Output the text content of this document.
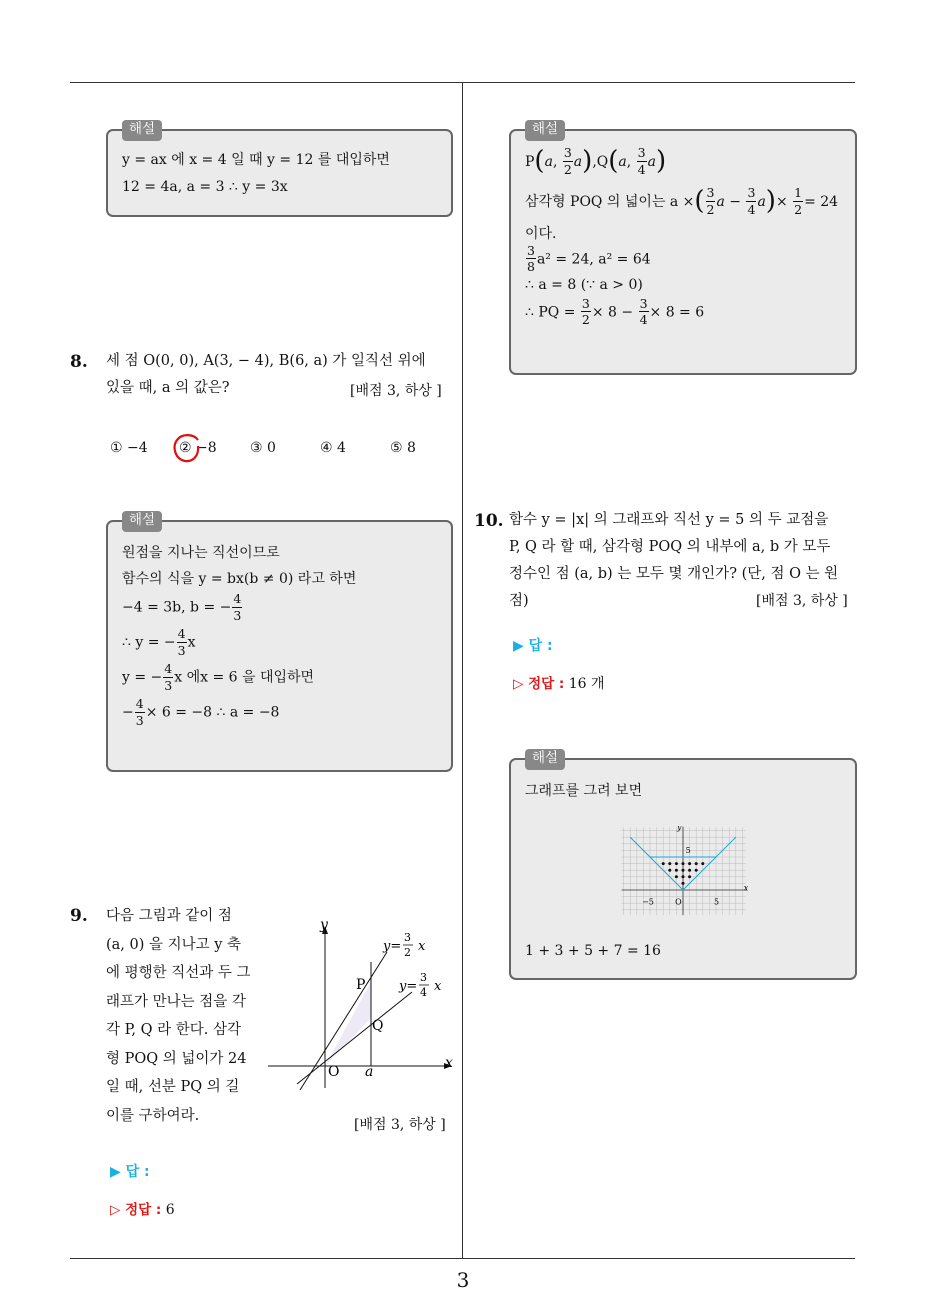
해설
y = ax 에 x = 4 일 때 y = 12 를 대입하면
12 = 4a, a = 3 ∴ y = 3x
8. 세 점 O(0, 0), A(3, − 4), B(6, a) 가 일직선 위에
있을 때, a 의 값은?	[배점 3, 하상 ]
① −4 ② −8 ③ 0	④ 4	⑤ 8
해설
원점을 지나는 직선이므로
함수의 식을 y = bx(b ≠ 0) 라고 하면
−4 = 3b, b = − $\frac{4}{3}$
∴ y = − $\frac{4}{3}$ x
y = − $\frac{4}{3}$ x 에x = 6 을 대입하면
− $\frac{4}{3} \times 6 = -8$ ∴ a = −8
9. 다음 그림과 같이 점
(a, 0) 을 지나고 y 축
에 평행한 직선과 두 그
래프가 만나는 점을 각
각 P, Q 라 한다. 삼각
형 POQ 의 넓이가 24
일 때, 선분 PQ 의 길
이를 구하여라.
y
x
O a
P
Q
y=
3
2 x
y=
3
4 x
[배점 3, 하상 ]
▶ 답 :
▷ 정답 : 6
해설
P(a, $\frac{3}{2} a),Q(a$, $\frac{3}{4} a$)
삼각형 POQ 의 넓이는 a ×( $\frac{3}{2}$ $a - \frac{3}{4} a)\times \frac{1}{2} = 24$
이다.
$\frac{3}{8} a^2 = 24$, a² = 64
∴ a = 8 (∵ a > 0)
∴ PQ = $\frac{3}{2} \times 8 - \frac{3}{4} \times 8 = 6$
10. 함수 y = |x| 의 그래프와 직선 y = 5 의 두 교점을
P, Q 라 할 때, 삼각형 POQ 의 내부에 a, b 가 모두
정수인 점 (a, b) 는 모두 몇 개인가? (단, 점 O 는 원
점)	[배점 3, 하상 ]
▶ 답 :
▷ 정답 : 16 개
해설
그래프를 그려 보면
y
x
5
−5	5
O
1 + 3 + 5 + 7 = 16
3
